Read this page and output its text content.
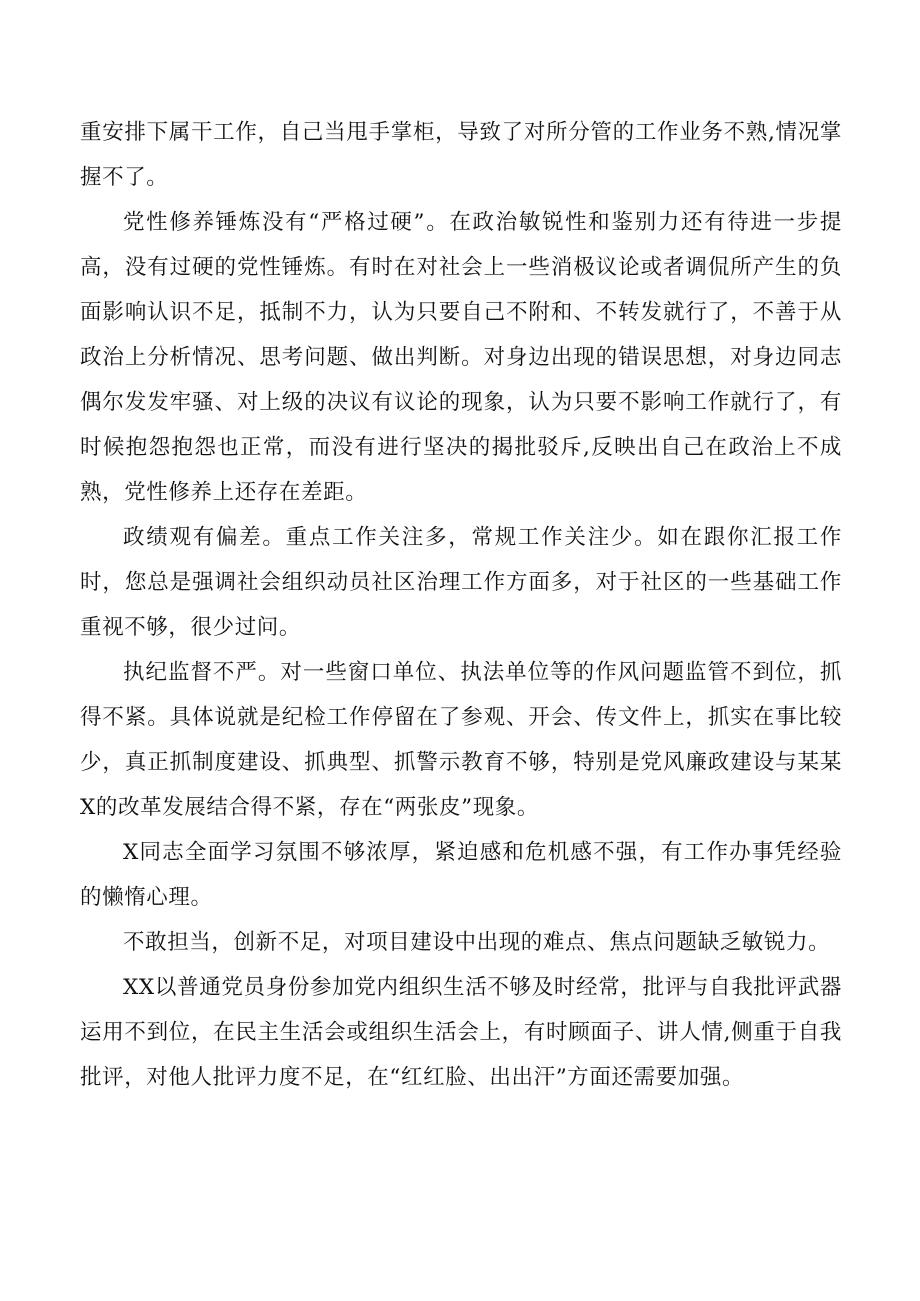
重安排下属干工作，自己当甩手掌柜，导致了对所分管的工作业务不熟,情况掌握不了。

党性修养锤炼没有“严格过硬”。在政治敏锐性和鉴别力还有待进一步提高，没有过硬的党性锤炼。有时在对社会上一些消极议论或者调侃所产生的负面影响认识不足，抵制不力，认为只要自己不附和、不转发就行了，不善于从政治上分析情况、思考问题、做出判断。对身边出现的错误思想，对身边同志偶尔发发牢骚、对上级的决议有议论的现象，认为只要不影响工作就行了，有时候抱怨抱怨也正常，而没有进行坚决的揭批驳斥,反映出自己在政治上不成熟，党性修养上还存在差距。

政绩观有偏差。重点工作关注多，常规工作关注少。如在跟你汇报工作时，您总是强调社会组织动员社区治理工作方面多，对于社区的一些基础工作重视不够，很少过问。

执纪监督不严。对一些窗口单位、执法单位等的作风问题监管不到位，抓得不紧。具体说就是纪检工作停留在了参观、开会、传文件上，抓实在事比较少，真正抓制度建设、抓典型、抓警示教育不够，特别是党风廉政建设与某某X的改革发展结合得不紧，存在“两张皮”现象。

X同志全面学习氛围不够浓厚，紧迫感和危机感不强，有工作办事凭经验的懒惰心理。

不敢担当，创新不足，对项目建设中出现的难点、焦点问题缺乏敏锐力。

XX以普通党员身份参加党内组织生活不够及时经常，批评与自我批评武器运用不到位，在民主生活会或组织生活会上，有时顾面子、讲人情,侧重于自我批评，对他人批评力度不足，在“红红脸、出出汗”方面还需要加强。
